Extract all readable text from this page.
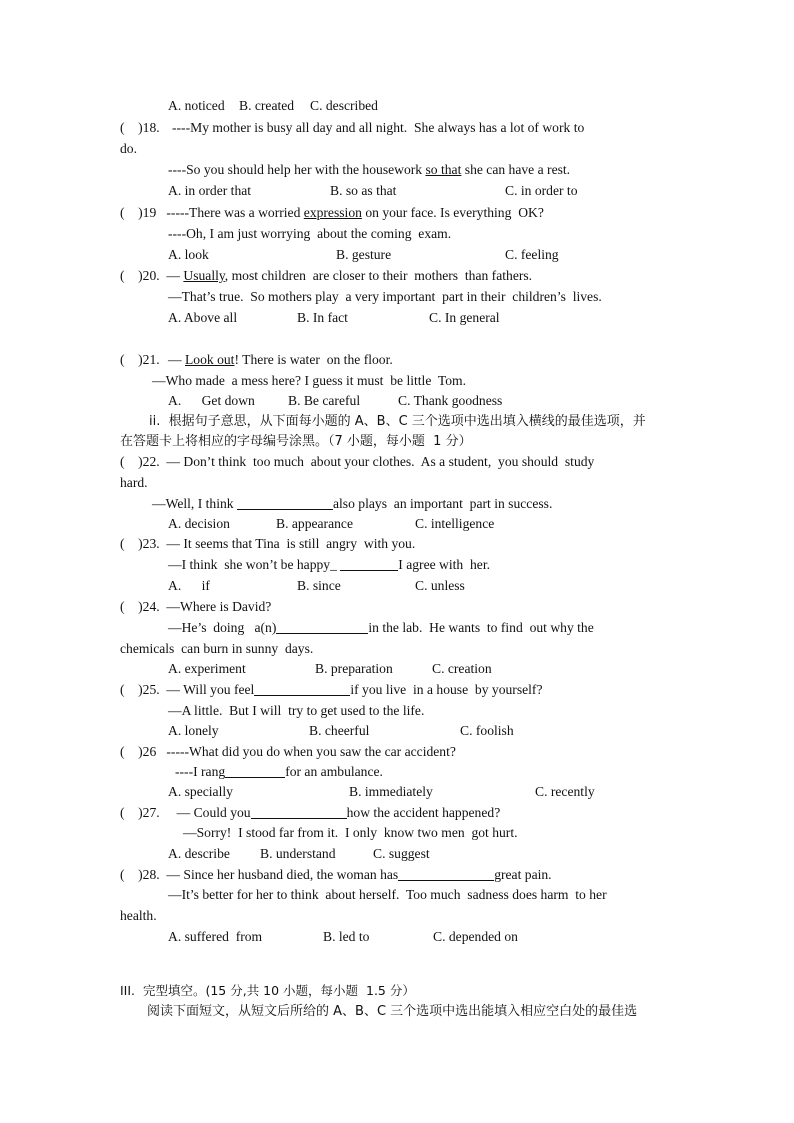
A. noticed B. created C. described
(    )18. ----My mother is busy all day and all night.  She always has a lot of work to
do.
----So you should help her with the housework so that she can have a rest.
A. in order that	B. so as that	C. in order to
(    )19 -----There was a worried expression on your face. Is everything  OK?
----Oh, I am just worrying  about the coming  exam.
A. look	B. gesture	C. feeling
(    )20. — Usually, most children  are closer to their  mothers  than fathers.
—That’s true.  So mothers play  a very important  part in their  children’s  lives.
A. Above all	B. In fact	C. In general
(    )21. — Look out! There is water  on the floor.
—Who made  a mess here? I guess it must  be little  Tom.
A.      Get down B. Be careful	C. Thank goodness
ii.  根据句子意思，从下面每小题的 A、B、C 三个选项中选出填入横线的最佳选项，并
在答题卡上将相应的字母编号涂黑。（7 小题，每小题  1 分）
(    )22. — Don’t think  too much  about your clothes.  As a student,  you should  study
hard.
—Well, I think	also plays  an important  part in success.
A. decision	B. appearance	C. intelligence
(    )23. — It seems that Tina  is still  angry  with you.
—I think  she won’t be happy_	I agree with  her.
A.      if	B. since	C. unless
(    )24. —Where is David?
—He’s  doing   a(n)	in the lab.  He wants  to find  out why the
chemicals  can burn in sunny  days.
A. experiment	B. preparation	C. creation
(    )25. — Will you feel	if you live  in a house  by yourself?
—A little.  But I will  try to get used to the life.
A. lonely	B. cheerful	C. foolish
(    )26 -----What did you do when you saw the car accident?
----I rang	for an ambulance.
A. specially	B. immediately	C. recently
(    )27. — Could you	how the accident happened?
—Sorry!  I stood far from it.  I only  know two men  got hurt.
A. describe B. understand	C. suggest
(    )28. — Since her husband died, the woman has	great pain.
—It’s better for her to think  about herself.  Too much  sadness does harm  to her
health.
A. suffered  from	B. led to	C. depended on
III.  完型填空。(15 分,共 10 小题，每小题  1.5 分）
阅读下面短文，从短文后所给的 A、B、C 三个选项中选出能填入相应空白处的最佳选
